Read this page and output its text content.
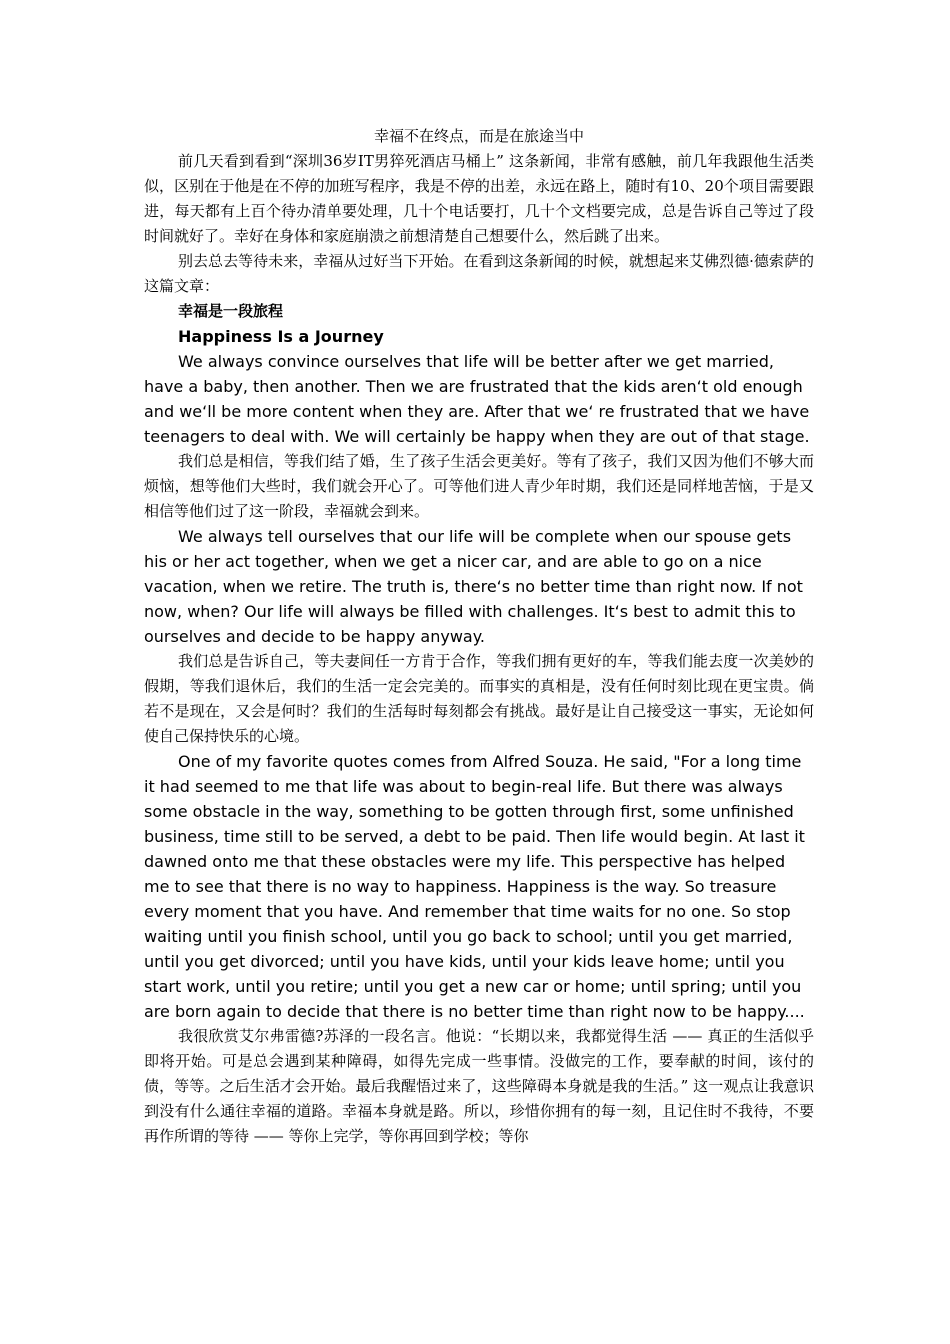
幸福不在终点，而是在旅途当中

前几天看到看到“深圳36岁IT男猝死酒店马桶上” 这条新闻，非常有感触，前几年我跟他生活类似，区别在于他是在不停的加班写程序，我是不停的出差，永远在路上，随时有10、20个项目需要跟进，每天都有上百个待办清单要处理，几十个电话要打，几十个文档要完成，总是告诉自己等过了段时间就好了。幸好在身体和家庭崩溃之前想清楚自己想要什么，然后跳了出来。

别去总去等待未来，幸福从过好当下开始。在看到这条新闻的时候，就想起来艾佛烈德·德索萨的这篇文章：

幸福是一段旅程

Happiness Is a Journey

We always convince ourselves that life will be better after we get married, have a baby, then another. Then we are frustrated that the kids aren‘t old enough and we‘ll be more content when they are. After that we‘ re frustrated that we have teenagers to deal with. We will certainly be happy when they are out of that stage.

我们总是相信，等我们结了婚，生了孩子生活会更美好。等有了孩子，我们又因为他们不够大而烦恼，想等他们大些时，我们就会开心了。可等他们进人青少年时期，我们还是同样地苦恼，于是又相信等他们过了这一阶段，幸福就会到来。

We always tell ourselves that our life will be complete when our spouse gets his or her act together, when we get a nicer car, and are able to go on a nice vacation, when we retire. The truth is, there‘s no better time than right now. If not now, when? Our life will always be filled with challenges. It‘s best to admit this to ourselves and decide to be happy anyway.

我们总是告诉自己，等夫妻间任一方肯于合作，等我们拥有更好的车，等我们能去度一次美妙的假期，等我们退休后，我们的生活一定会完美的。而事实的真相是，没有任何时刻比现在更宝贵。倘若不是现在，又会是何时？我们的生活每时每刻都会有挑战。最好是让自己接受这一事实，无论如何使自己保持快乐的心境。

One of my favorite quotes comes from Alfred Souza. He said, "For a long time it had seemed to me that life was about to begin-real life. But there was always some obstacle in the way, something to be gotten through first, some unfinished business, time still to be served, a debt to be paid. Then life would begin. At last it dawned onto me that these obstacles were my life. This perspective has helped me to see that there is no way to happiness. Happiness is the way. So treasure every moment that you have. And remember that time waits for no one. So stop waiting until you finish school, until you go back to school; until you get married, until you get divorced; until you have kids, until your kids leave home; until you start work, until you retire; until you get a new car or home; until spring; until you are born again to decide that there is no better time than right now to be happy....

我很欣赏艾尔弗雷德?苏泽的一段名言。他说：“长期以来，我都觉得生活 —— 真正的生活似乎即将开始。可是总会遇到某种障碍，如得先完成一些事情。没做完的工作，要奉献的时间，该付的债，等等。之后生活才会开始。最后我醒悟过来了，这些障碍本身就是我的生活。” 这一观点让我意识到没有什么通往幸福的道路。幸福本身就是路。所以，珍惜你拥有的每一刻，且记住时不我待，不要再作所谓的等待 —— 等你上完学，等你再回到学校；等你
